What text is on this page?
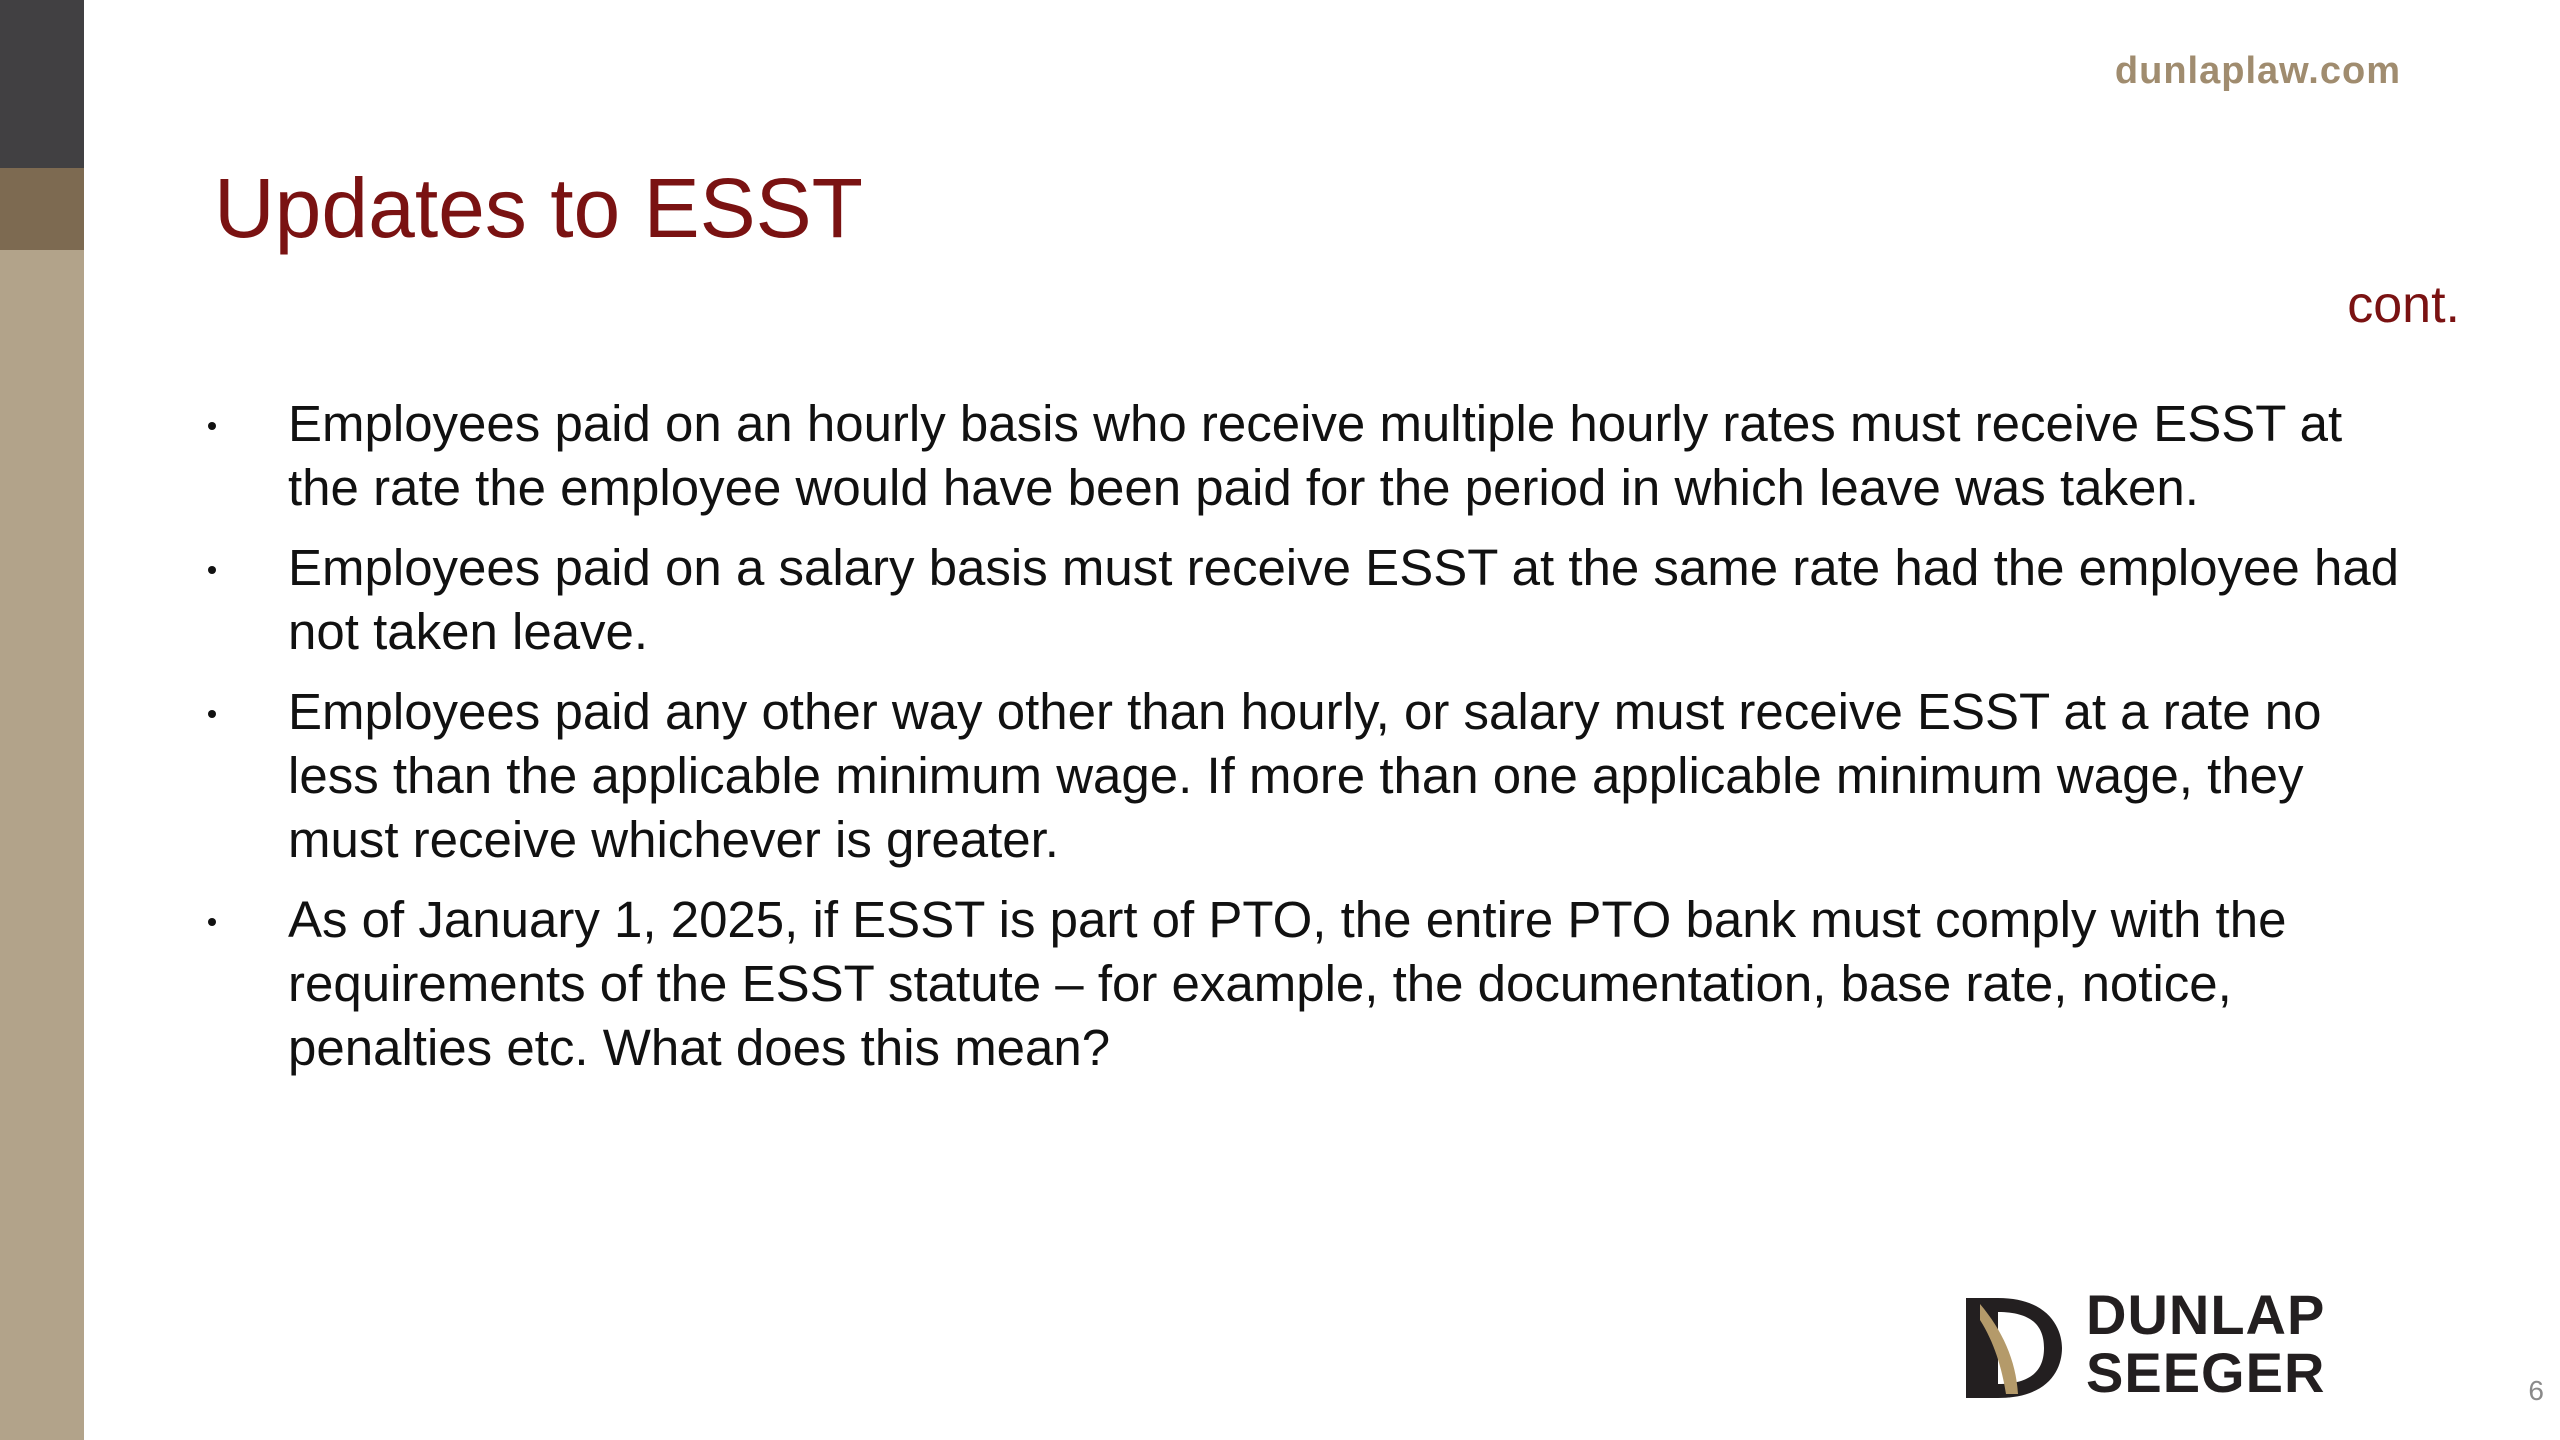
dunlaplaw.com
Updates to ESST
cont.
Employees paid on an hourly basis who receive multiple hourly rates must receive ESST at the rate the employee would have been paid for the period in which leave was taken.
Employees paid on a salary basis must receive ESST at the same rate had the employee had not taken leave.
Employees paid any other way other than hourly, or salary must receive ESST at a rate no less than the applicable minimum wage. If more than one applicable minimum wage, they must receive whichever is greater.
As of January 1, 2025, if ESST is part of PTO, the entire PTO bank must comply with the requirements of the ESST statute – for example, the documentation, base rate, notice, penalties etc. What does this mean?
DUNLAP
SEEGER	6
